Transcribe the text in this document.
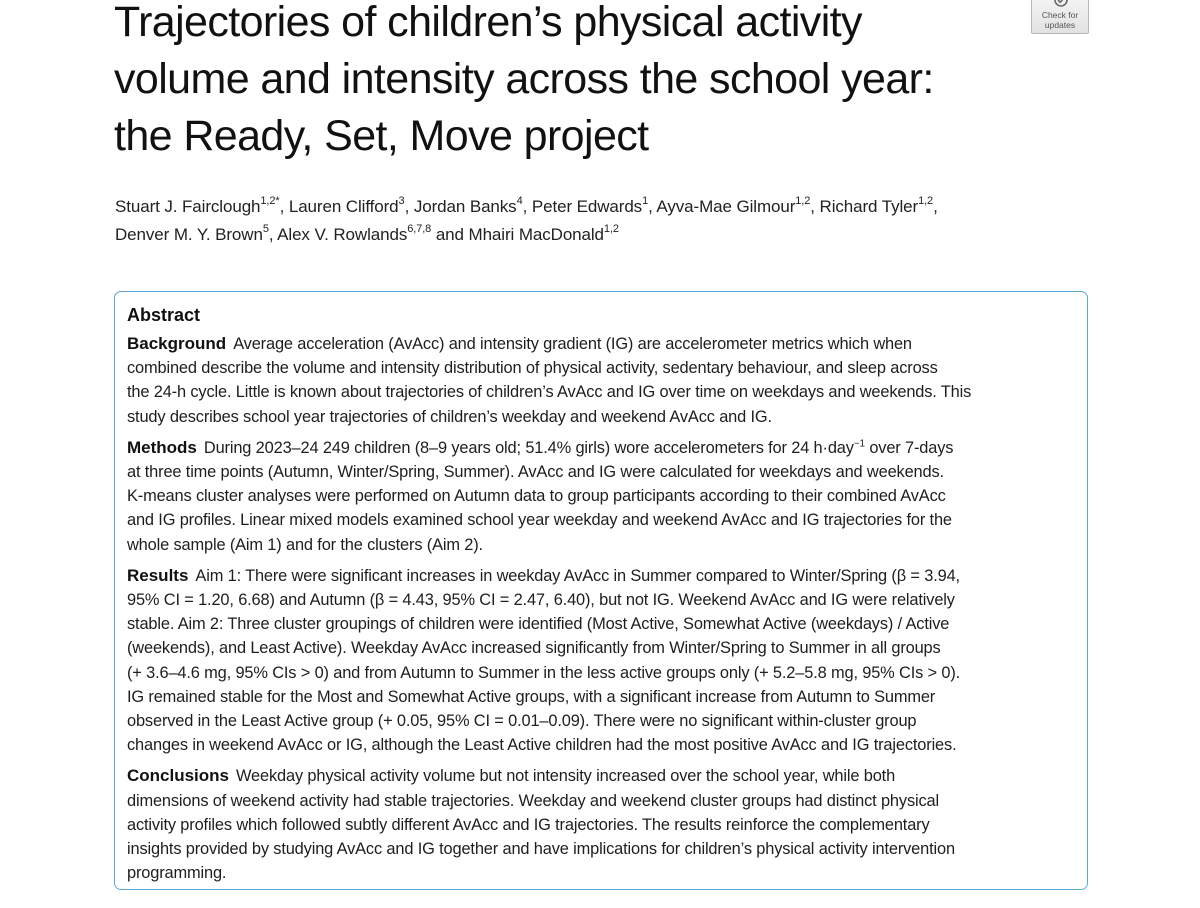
Trajectories of children’s physical activity
volume and intensity across the school year:
the Ready, Set, Move project
Check for
updates
Stuart J. Fairclough$^{1,2*}$, Lauren Clifford$^3$, Jordan Banks$^4$, Peter Edwards$^1$, Ayva-Mae Gilmour$^{1,2}$, Richard Tyler$^{1,2}$,
Denver M. Y. Brown$^5$, Alex V. Rowlands$^{6,7,8}$ and Mhairi MacDonald$^{1,2}$
Abstract
Background Average acceleration (AvAcc) and intensity gradient (IG) are accelerometer metrics which when
combined describe the volume and intensity distribution of physical activity, sedentary behaviour, and sleep across
the 24-h cycle. Little is known about trajectories of children’s AvAcc and IG over time on weekdays and weekends. This
study describes school year trajectories of children’s weekday and weekend AvAcc and IG.
Methods During 2023–24 249 children (8–9 years old; 51.4% girls) wore accelerometers for 24 h·day$^{-1}$ over 7-days
at three time points (Autumn, Winter/Spring, Summer). AvAcc and IG were calculated for weekdays and weekends.
K-means cluster analyses were performed on Autumn data to group participants according to their combined AvAcc
and IG profiles. Linear mixed models examined school year weekday and weekend AvAcc and IG trajectories for the
whole sample (Aim 1) and for the clusters (Aim 2).
Results Aim 1: There were significant increases in weekday AvAcc in Summer compared to Winter/Spring (β = 3.94,
95% CI = 1.20, 6.68) and Autumn (β = 4.43, 95% CI = 2.47, 6.40), but not IG. Weekend AvAcc and IG were relatively
stable. Aim 2: Three cluster groupings of children were identified (Most Active, Somewhat Active (weekdays) / Active
(weekends), and Least Active). Weekday AvAcc increased significantly from Winter/Spring to Summer in all groups
(+ 3.6–4.6 mg, 95% CIs > 0) and from Autumn to Summer in the less active groups only (+ 5.2–5.8 mg, 95% CIs > 0).
IG remained stable for the Most and Somewhat Active groups, with a significant increase from Autumn to Summer
observed in the Least Active group (+ 0.05, 95% CI = 0.01–0.09). There were no significant within-cluster group
changes in weekend AvAcc or IG, although the Least Active children had the most positive AvAcc and IG trajectories.
Conclusions Weekday physical activity volume but not intensity increased over the school year, while both
dimensions of weekend activity had stable trajectories. Weekday and weekend cluster groups had distinct physical
activity profiles which followed subtly different AvAcc and IG trajectories. The results reinforce the complementary
insights provided by studying AvAcc and IG together and have implications for children’s physical activity intervention
programming.
